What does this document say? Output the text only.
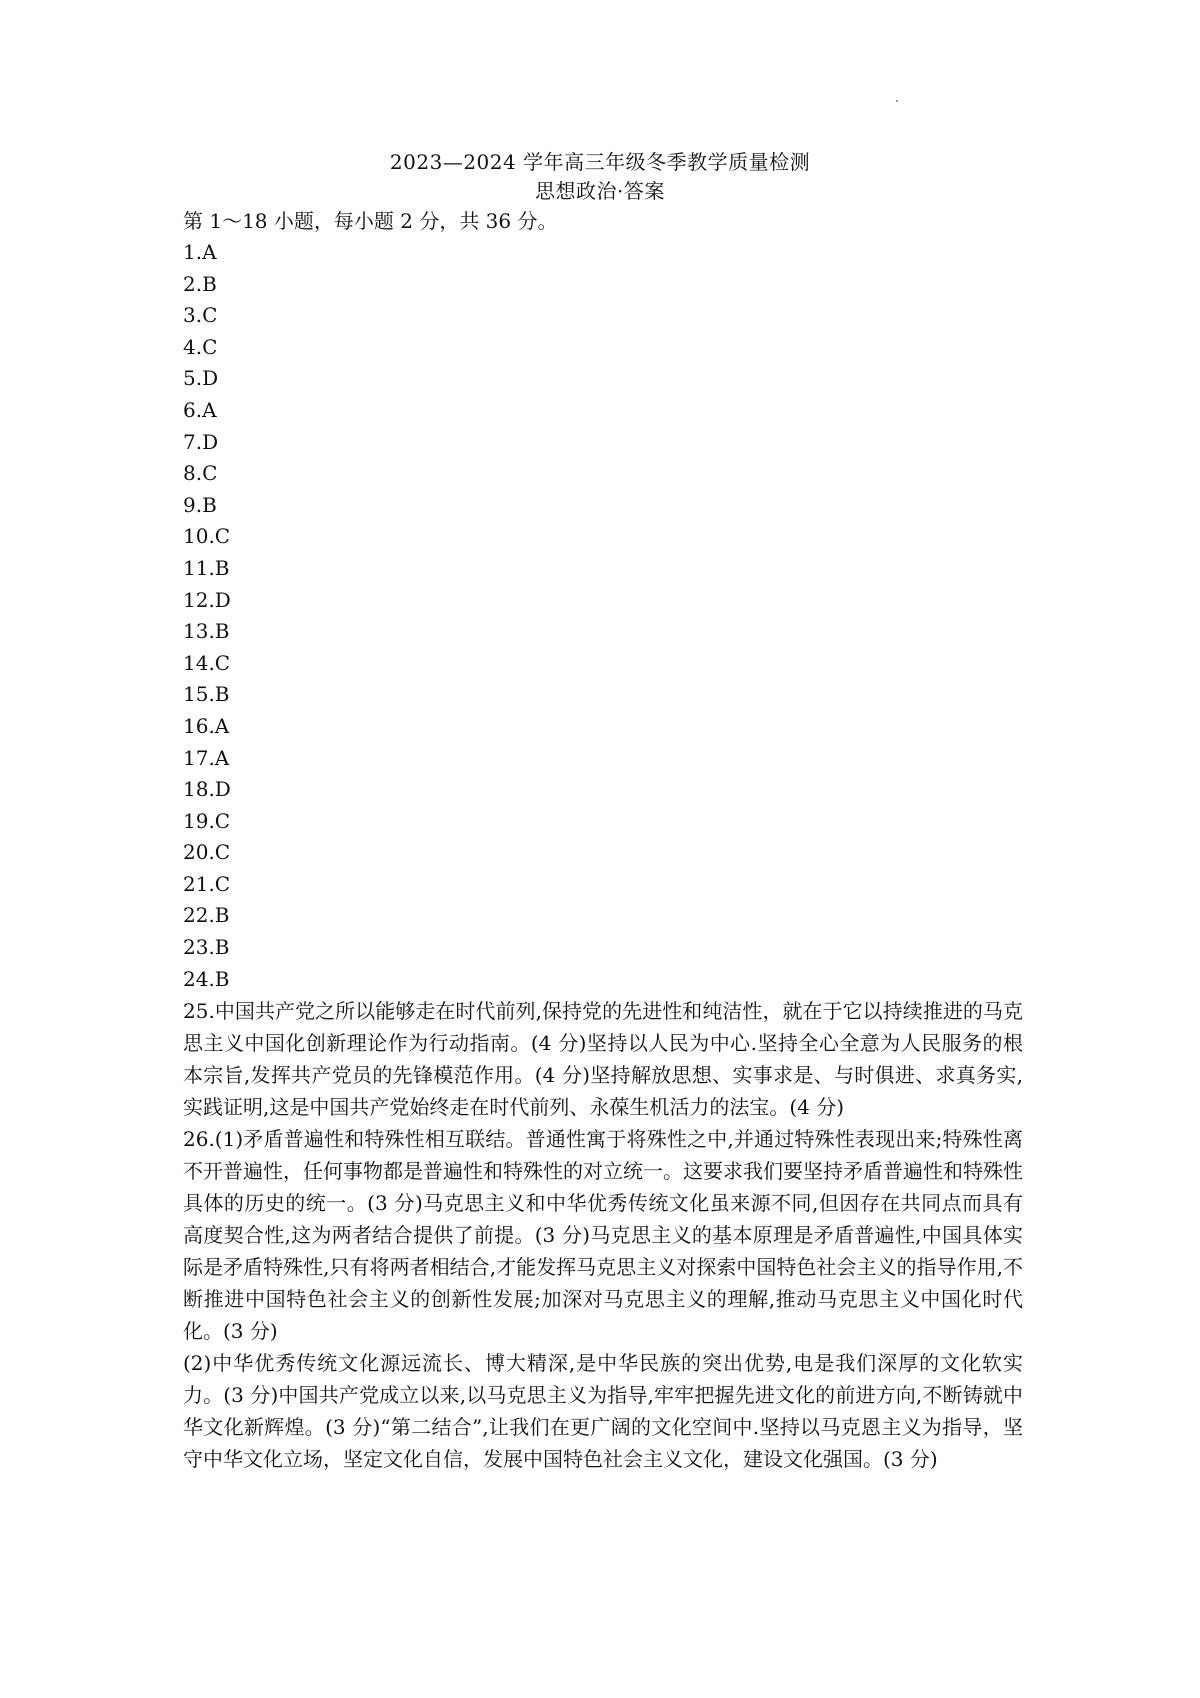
2023—2024 学年高三年级冬季教学质量检测
思想政治·答案
第 1～18 小题，每小题 2 分，共 36 分。
1.A
2.B
3.C
4.C
5.D
6.A
7.D
8.C
9.B
10.C
11.B
12.D
13.B
14.C
15.B
16.A
17.A
18.D
19.C
20.C
21.C
22.B
23.B
24.B

25.中国共产党之所以能够走在时代前列,保持党的先进性和纯洁性，就在于它以持续推进的马克思主义中国化创新理论作为行动指南。(4 分)坚持以人民为中心.坚持全心全意为人民服务的根本宗旨,发挥共产党员的先锋模范作用。(4 分)坚持解放思想、实事求是、与时俱进、求真务实,实践证明,这是中国共产党始终走在时代前列、永葆生机活力的法宝。(4 分)

26.(1)矛盾普遍性和特殊性相互联结。普通性寓于将殊性之中,并通过特殊性表现出来;特殊性离不开普遍性，任何事物都是普遍性和特殊性的对立统一。这要求我们要坚持矛盾普遍性和特殊性具体的历史的统一。(3 分)马克思主义和中华优秀传统文化虽来源不同,但因存在共同点而具有高度契合性,这为两者结合提供了前提。(3 分)马克思主义的基本原理是矛盾普遍性,中国具体实际是矛盾特殊性,只有将两者相结合,才能发挥马克思主义对探索中国特色社会主义的指导作用,不断推进中国特色社会主义的创新性发展;加深对马克思主义的理解,推动马克思主义中国化时代化。(3 分)

(2)中华优秀传统文化源远流长、博大精深,是中华民族的突出优势,电是我们深厚的文化软实力。(3 分)中国共产党成立以来,以马克思主义为指导,牢牢把握先进文化的前进方向,不断铸就中华文化新辉煌。(3 分)“第二结合”,让我们在更广阔的文化空间中.坚持以马克恩主义为指导，坚守中华文化立场，坚定文化自信，发展中国特色社会主义文化，建设文化强国。(3 分)
